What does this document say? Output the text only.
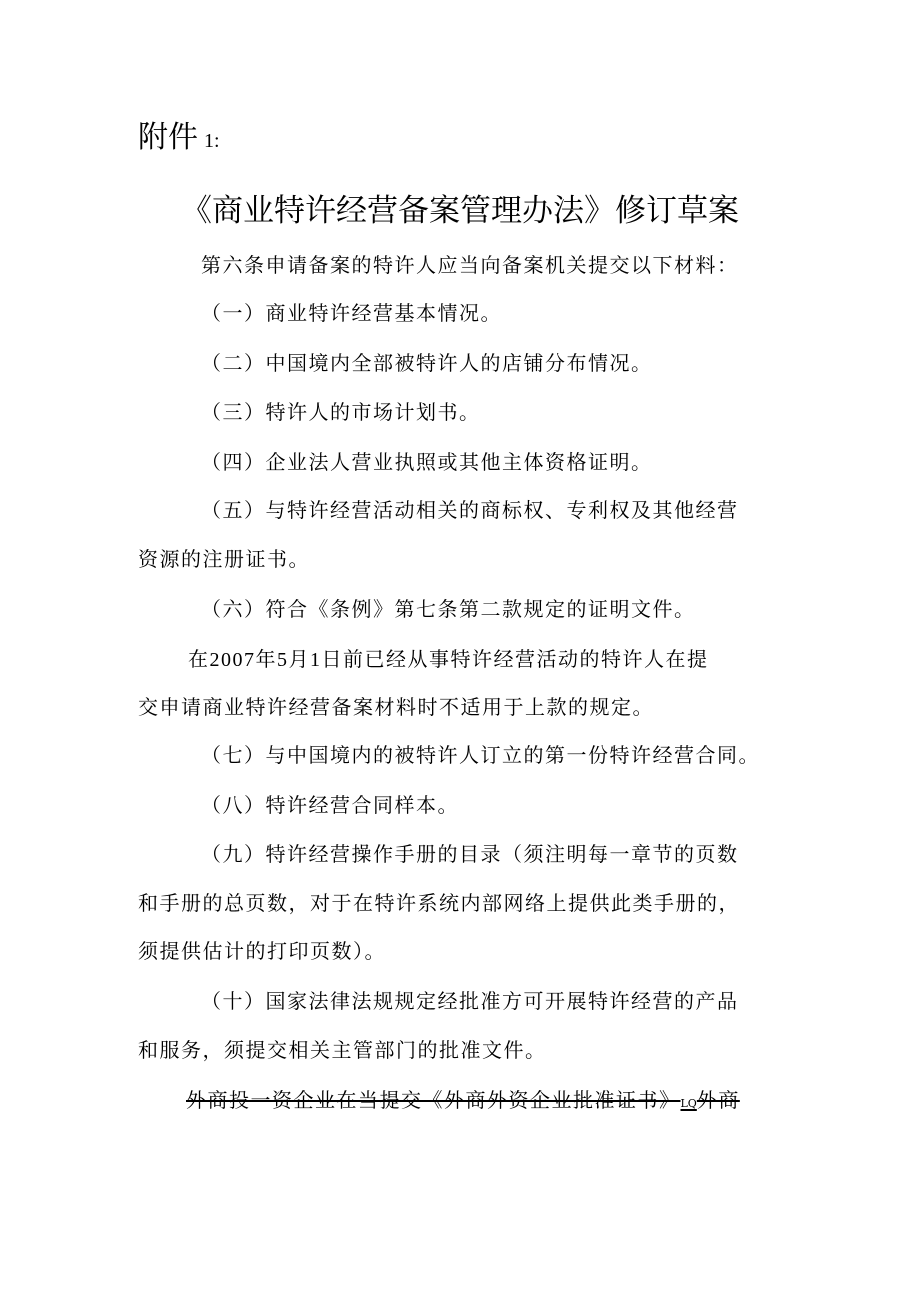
附件 1:
《商业特许经营备案管理办法》修订草案
第六条申请备案的特许人应当向备案机关提交以下材料：
（一）商业特许经营基本情况。
（二）中国境内全部被特许人的店铺分布情况。
（三）特许人的市场计划书。
（四）企业法人营业执照或其他主体资格证明。
（五）与特许经营活动相关的商标权、专利权及其他经营
资源的注册证书。
（六）符合《条例》第七条第二款规定的证明文件。
在2007年5月1日前已经从事特许经营活动的特许人在提
交申请商业特许经营备案材料时不适用于上款的规定。
（七）与中国境内的被特许人订立的第一份特许经营合同。
（八）特许经营合同样本。
（九）特许经营操作手册的目录（须注明每一章节的页数
和手册的总页数，对于在特许系统内部网络上提供此类手册的，
须提供估计的打印页数）。
（十）国家法律法规规定经批准方可开展特许经营的产品
和服务，须提交相关主管部门的批准文件。
外商投一资企业在当提交《外商外资企业批准证书》LQ外商
